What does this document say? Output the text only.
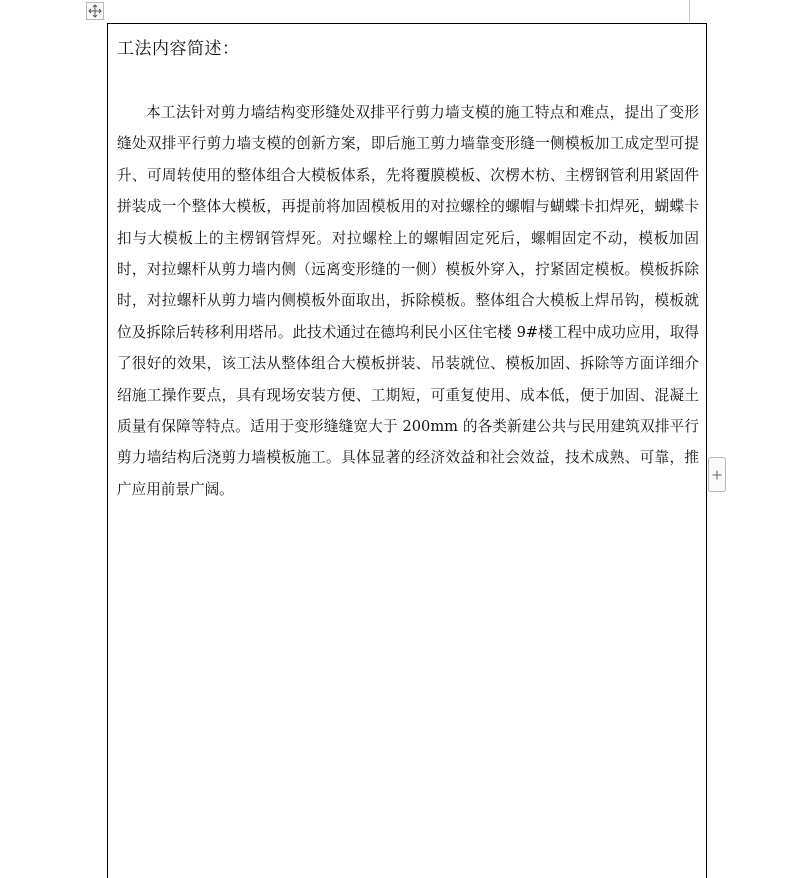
工法内容简述：

本工法针对剪力墙结构变形缝处双排平行剪力墙支模的施工特点和难点，提出了变形缝处双排平行剪力墙支模的创新方案，即后施工剪力墙靠变形缝一侧模板加工成定型可提升、可周转使用的整体组合大模板体系，先将覆膜模板、次楞木枋、主楞钢管利用紧固件拼装成一个整体大模板，再提前将加固模板用的对拉螺栓的螺帽与蝴蝶卡扣焊死，蝴蝶卡扣与大模板上的主楞钢管焊死。对拉螺栓上的螺帽固定死后，螺帽固定不动，模板加固时，对拉螺杆从剪力墙内侧（远离变形缝的一侧）模板外穿入，拧紧固定模板。模板拆除时，对拉螺杆从剪力墙内侧模板外面取出，拆除模板。整体组合大模板上焊吊钩，模板就位及拆除后转移利用塔吊。此技术通过在德坞利民小区住宅楼 9#楼工程中成功应用，取得了很好的效果，该工法从整体组合大模板拼装、吊装就位、模板加固、拆除等方面详细介绍施工操作要点，具有现场安装方便、工期短，可重复使用、成本低，便于加固、混凝土质量有保障等特点。适用于变形缝缝宽大于 200mm 的各类新建公共与民用建筑双排平行剪力墙结构后浇剪力墙模板施工。具体显著的经济效益和社会效益，技术成熟、可靠，推广应用前景广阔。
